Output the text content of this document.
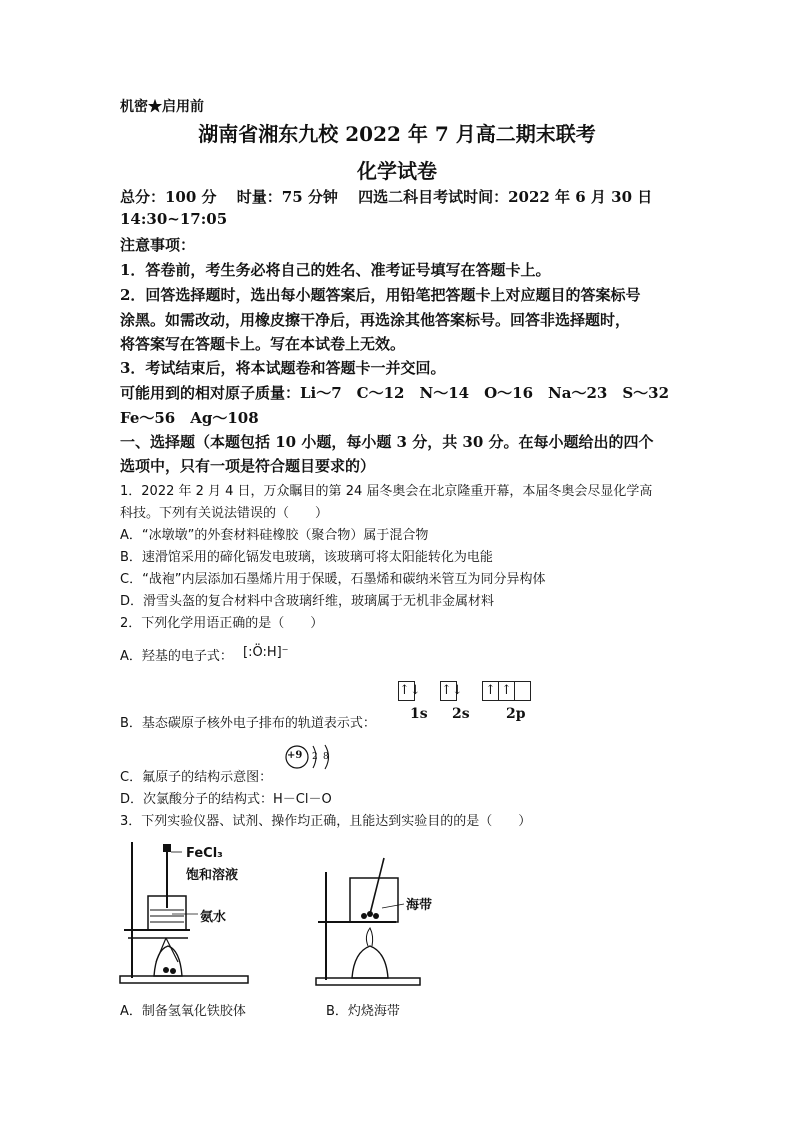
机密★启用前
湖南省湘东九校 2022 年 7 月高二期末联考
化学试卷
总分：100 分　 时量：75 分钟　 四选二科目考试时间：2022 年 6 月 30 日
14:30~17:05
注意事项：
1．答卷前，考生务必将自己的姓名、准考证号填写在答题卡上。
2．回答选择题时，选出每小题答案后，用铅笔把答题卡上对应题目的答案标号
涂黑。如需改动，用橡皮擦干净后，再选涂其他答案标号。回答非选择题时，
将答案写在答题卡上。写在本试卷上无效。
3．考试结束后，将本试题卷和答题卡一并交回。
可能用到的相对原子质量：Li～7　C～12　N～14　O～16　Na～23　S～32
Fe～56　Ag～108
一、选择题（本题包括 10 小题，每小题 3 分，共 30 分。在每小题给出的四个
选项中，只有一项是符合题目要求的）
1．2022 年 2 月 4 日，万众瞩目的第 24 届冬奥会在北京隆重开幕，本届冬奥会尽显化学高
科技。下列有关说法错误的（　　）
A．“冰墩墩”的外套材料硅橡胶（聚合物）属于混合物
B．速滑馆采用的碲化镉发电玻璃，该玻璃可将太阳能转化为电能
C．“战袍”内层添加石墨烯片用于保暖，石墨烯和碳纳米管互为同分异构体
D．滑雪头盔的复合材料中含玻璃纤维，玻璃属于无机非金属材料
2．下列化学用语正确的是（　　）
A．羟基的电子式： [:Ö:H]⁻
↑↓ ↑↓ ↑ ↑
1s 2s	2p
B．基态碳原子核外电子排布的轨道表示式：
+9 2 8
C．氟原子的结构示意图：
D．次氯酸分子的结构式：H－Cl－O
3．下列实验仪器、试剂、操作均正确，且能达到实验目的的是（　　）
FeCl₃
饱和溶液
氨水
A．制备氢氧化铁胶体
海带
B．灼烧海带
